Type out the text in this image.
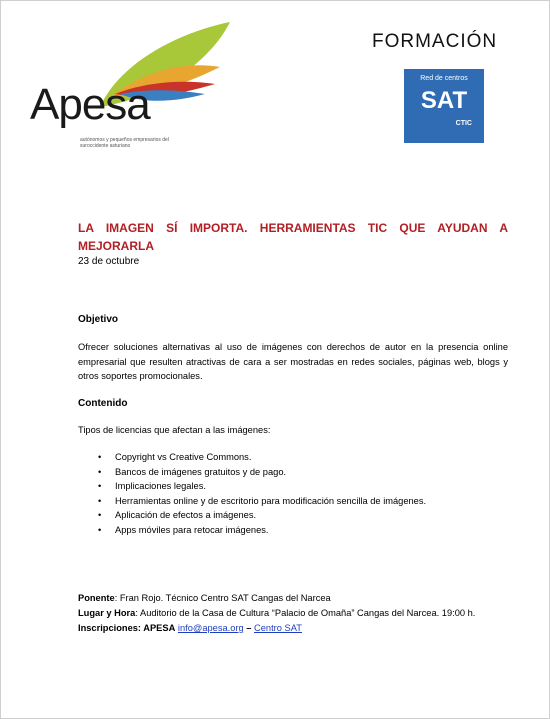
Apesa
autónomos y pequeños empresarios del suroccidente asturiano
FORMACIÓN
Red de centros
SAT
CTIC
LA IMAGEN SÍ IMPORTA. HERRAMIENTAS TIC QUE AYUDAN A MEJORARLA
23 de octubre
Objetivo
Ofrecer soluciones alternativas al uso de imágenes con derechos de autor en la presencia online empresarial que resulten atractivas de cara a ser mostradas en redes sociales, páginas web, blogs y otros soportes promocionales.
Contenido
Tipos de licencias que afectan a las imágenes:
• Copyright vs Creative Commons.
• Bancos de imágenes gratuitos y de pago.
• Implicaciones legales.
• Herramientas online y de escritorio para modificación sencilla de imágenes.
• Aplicación de efectos a imágenes.
• Apps móviles para retocar imágenes.
Ponente: Fran Rojo. Técnico Centro SAT Cangas del Narcea
Lugar y Hora: Auditorio de la Casa de Cultura “Palacio de Omaña” Cangas del Narcea. 19:00 h.
Inscripciones: APESA info@apesa.org – Centro SAT
